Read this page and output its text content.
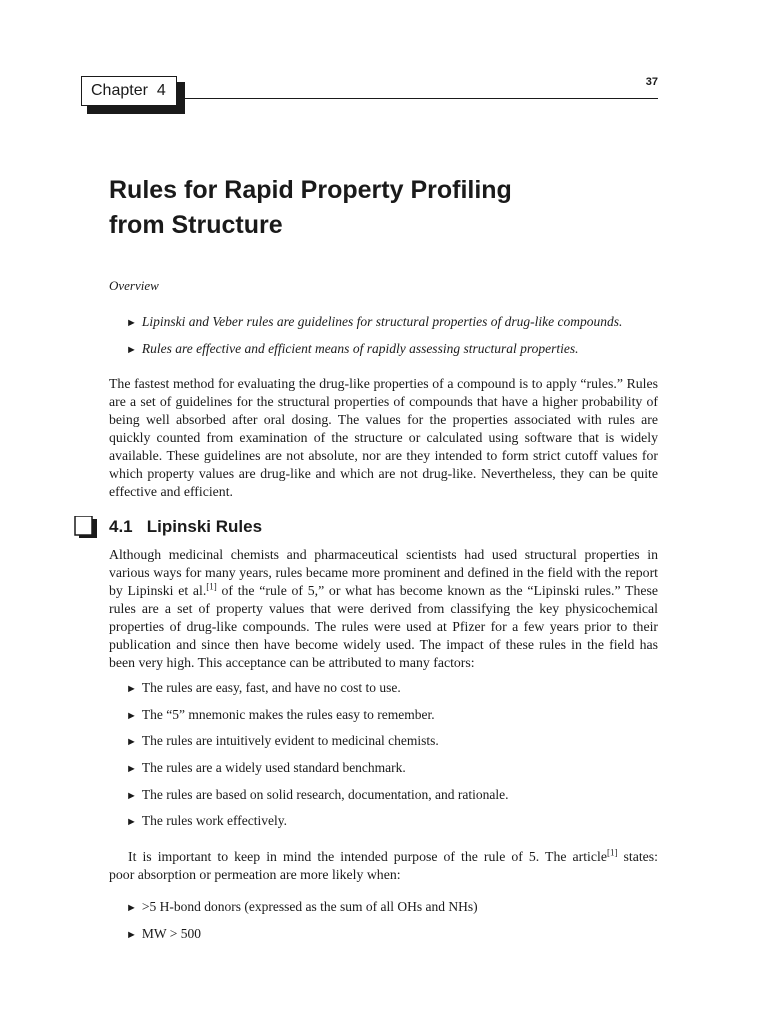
Chapter  4	37
Rules for Rapid Property Profiling
from Structure
Overview
► Lipinski and Veber rules are guidelines for structural properties of drug-like compounds.
► Rules are effective and efficient means of rapidly assessing structural properties.

The fastest method for evaluating the drug-like properties of a compound is to apply “rules.” Rules are a set of guidelines for the structural properties of compounds that have a higher probability of being well absorbed after oral dosing. The values for the properties associated with rules are quickly counted from examination of the structure or calculated using software that is widely available. These guidelines are not absolute, nor are they intended to form strict cutoff values for which property values are drug-like and which are not drug-like. Nevertheless, they can be quite effective and efficient.

4.1   Lipinski Rules

Although medicinal chemists and pharmaceutical scientists had used structural properties in various ways for many years, rules became more prominent and defined in the field with the report by Lipinski et al.[1] of the “rule of 5,” or what has become known as the “Lipinski rules.” These rules are a set of property values that were derived from classifying the key physicochemical properties of drug-like compounds. The rules were used at Pfizer for a few years prior to their publication and since then have become widely used. The impact of these rules in the field has been very high. This acceptance can be attributed to many factors:

► The rules are easy, fast, and have no cost to use.
► The “5” mnemonic makes the rules easy to remember.
► The rules are intuitively evident to medicinal chemists.
► The rules are a widely used standard benchmark.
► The rules are based on solid research, documentation, and rationale.
► The rules work effectively.

It is important to keep in mind the intended purpose of the rule of 5. The article[1] states:
poor absorption or permeation are more likely when:

► >5 H-bond donors (expressed as the sum of all OHs and NHs)
► MW > 500
